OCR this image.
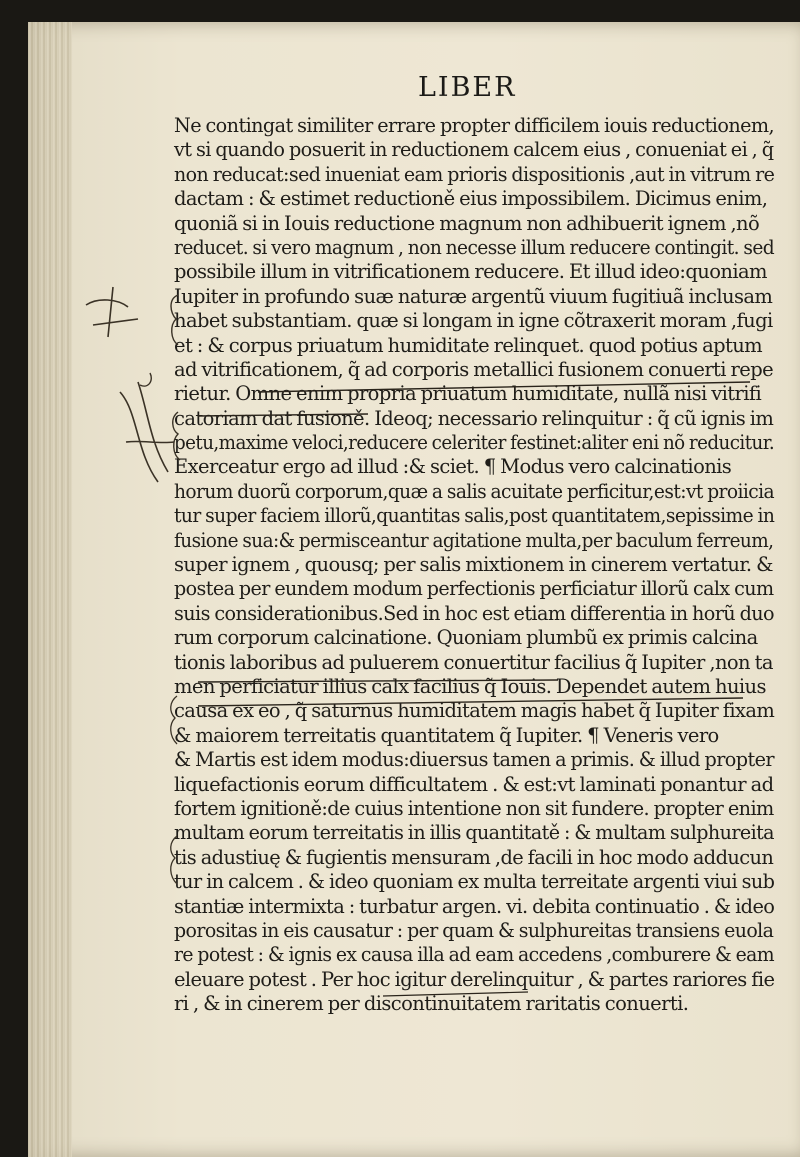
LIBER
Ne contingat similiter errare propter difficilem iouis reductionem,
vt si quando posuerit in reductionem calcem eius , conueniat ei , q̃
non reducat:sed inueniat eam prioris dispositionis ,aut in vitrum re
dactam : & estimet reductioně eius impossibilem. Dicimus enim,
quoniã si in Iouis reductione magnum non adhibuerit ignem ,nõ
reducet. si vero magnum , non necesse illum reducere contingit. sed
possibile illum in vitrificationem reducere. Et illud ideo:quoniam
Iupiter in profundo suæ naturæ argentũ viuum fugitiuã inclusam
habet substantiam. quæ si longam in igne cõtraxerit moram ,fugi
et : & corpus priuatum humiditate relinquet. quod potius aptum
ad vitrificationem, q̃ ad corporis metallici fusionem conuerti repe
rietur. Omne enim propria priuatum humiditate, nullã nisi vitrifi
catoriam dat fusioně. Ideoq; necessario relinquitur : q̃ cũ ignis im
petu,maxime veloci,reducere celeriter festinet:aliter eni nõ reducitur.
Exerceatur ergo ad illud :& sciet. ¶ Modus vero calcinationis
horum duorũ corporum,quæ a salis acuitate perficitur,est:vt proiicia
tur super faciem illorũ,quantitas salis,post quantitatem,sepissime in
fusione sua:& permisceantur agitatione multa,per baculum ferreum,
super ignem , quousq; per salis mixtionem in cinerem vertatur. &
postea per eundem modum perfectionis perficiatur illorũ calx cum
suis considerationibus.Sed in hoc est etiam differentia in horũ duo
rum corporum calcinatione. Quoniam plumbũ ex primis calcina
tionis laboribus ad puluerem conuertitur facilius q̃ Iupiter ,non ta
men perficiatur illius calx facilius q̃ Iouis. Dependet autem huius
causa ex eo , q̃ saturnus humiditatem magis habet q̃ Iupiter fixam
& maiorem terreitatis quantitatem q̃ Iupiter. ¶ Veneris vero
& Martis est idem modus:diuersus tamen a primis. & illud propter
liquefactionis eorum difficultatem . & est:vt laminati ponantur ad
fortem ignitioně:de cuius intentione non sit fundere. propter enim
multam eorum terreitatis in illis quantitatě : & multam sulphureita
tis adustiuę & fugientis mensuram ,de facili in hoc modo adducun
tur in calcem . & ideo quoniam ex multa terreitate argenti viui sub
stantiæ intermixta : turbatur argen. vi. debita continuatio . & ideo
porositas in eis causatur : per quam & sulphureitas transiens euola
re potest : & ignis ex causa illa ad eam accedens ,comburere & eam
eleuare potest . Per hoc igitur derelinquitur , & partes rariores fie
ri , & in cinerem per discontinuitatem raritatis conuerti.
